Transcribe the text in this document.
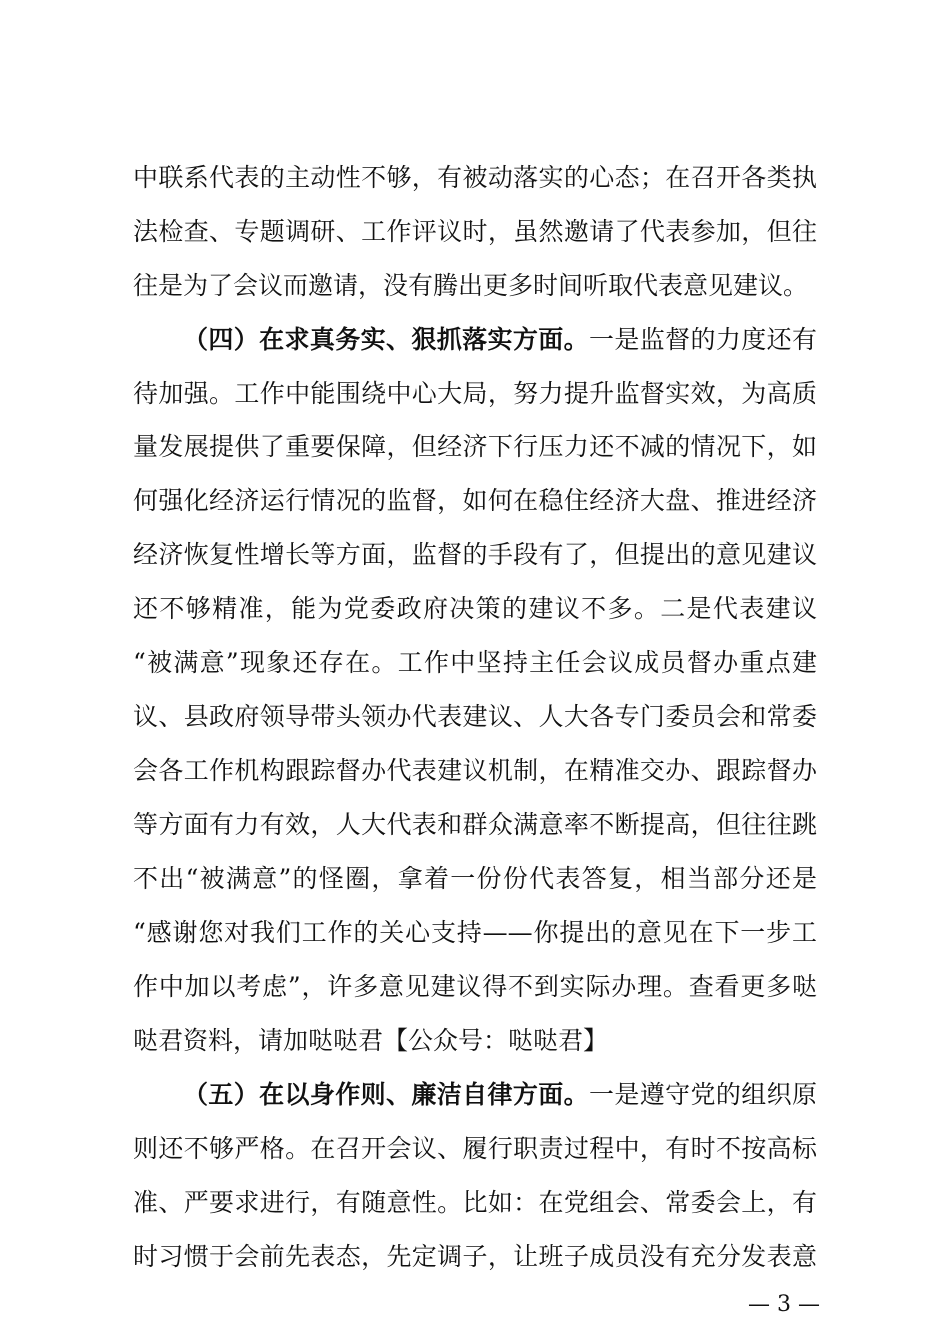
中联系代表的主动性不够，有被动落实的心态；在召开各类执
法检查、专题调研、工作评议时，虽然邀请了代表参加，但往
往是为了会议而邀请，没有腾出更多时间听取代表意见建议。
（四）在求真务实、狠抓落实方面。一是监督的力度还有
待加强。工作中能围绕中心大局，努力提升监督实效，为高质
量发展提供了重要保障，但经济下行压力还不减的情况下，如
何强化经济运行情况的监督，如何在稳住经济大盘、推进经济
经济恢复性增长等方面，监督的手段有了，但提出的意见建议
还不够精准，能为党委政府决策的建议不多。二是代表建议
“被满意”现象还存在。工作中坚持主任会议成员督办重点建
议、县政府领导带头领办代表建议、人大各专门委员会和常委
会各工作机构跟踪督办代表建议机制，在精准交办、跟踪督办
等方面有力有效，人大代表和群众满意率不断提高，但往往跳
不出“被满意”的怪圈，拿着一份份代表答复，相当部分还是
“感谢您对我们工作的关心支持——你提出的意见在下一步工
作中加以考虑”，许多意见建议得不到实际办理。查看更多哒
哒君资料，请加哒哒君【公众号：哒哒君】
（五）在以身作则、廉洁自律方面。一是遵守党的组织原
则还不够严格。在召开会议、履行职责过程中，有时不按高标
准、严要求进行，有随意性。比如：在党组会、常委会上，有
时习惯于会前先表态，先定调子，让班子成员没有充分发表意
— 3 —
